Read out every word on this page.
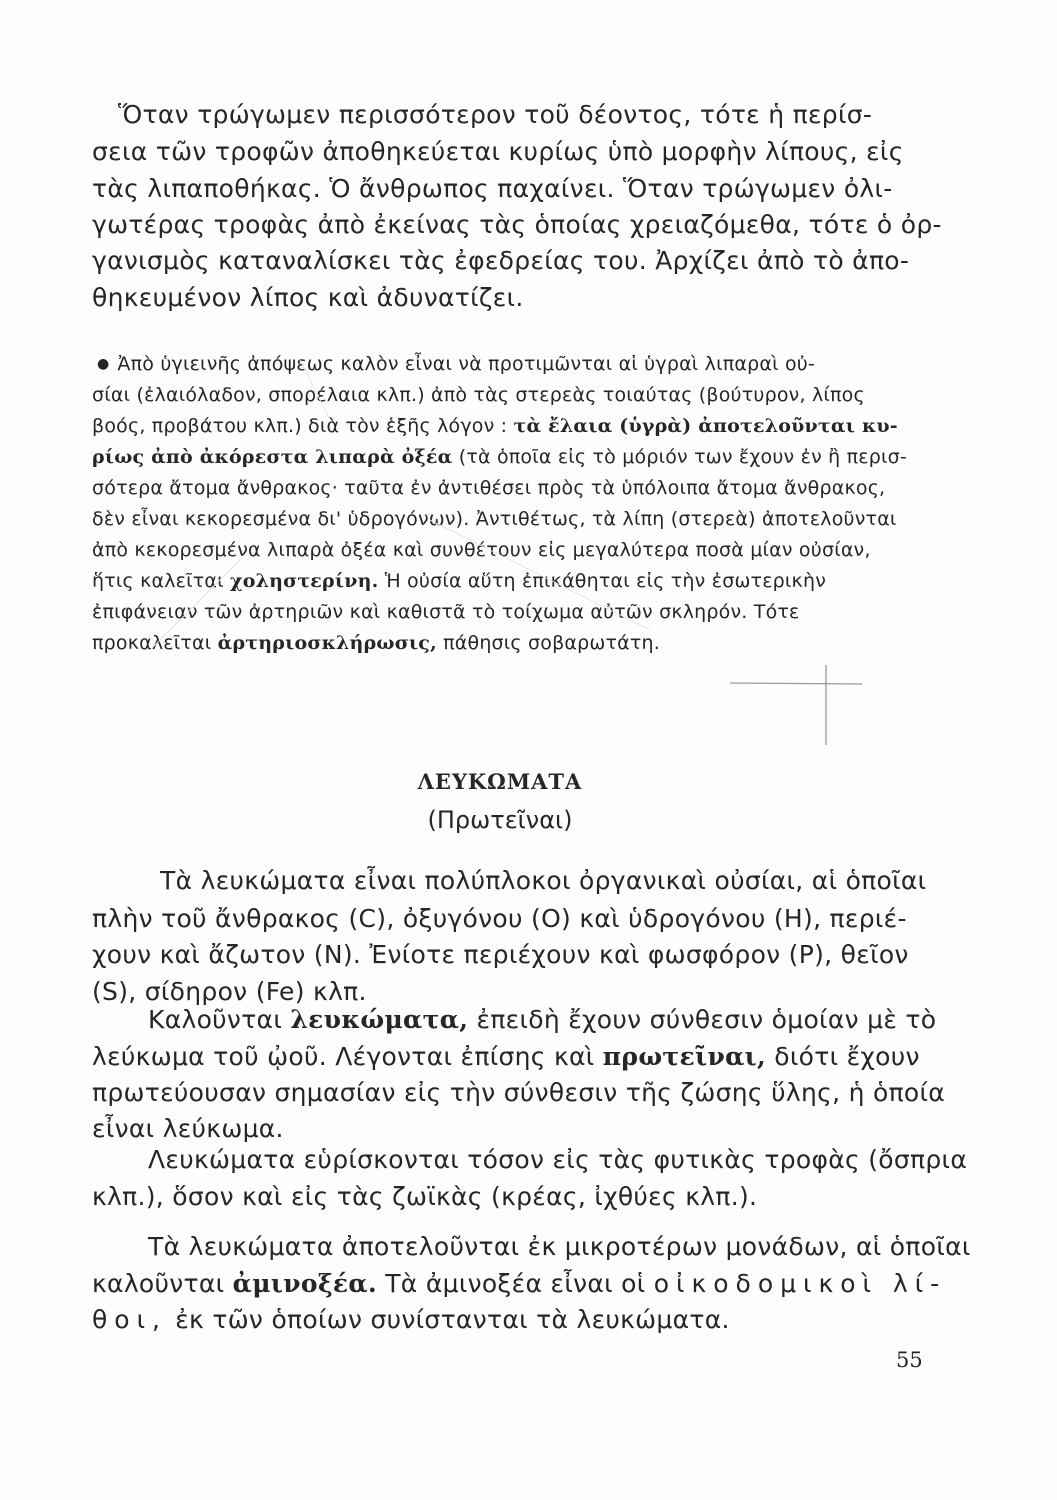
Ὅταν τρώγωμεν περισσότερον τοῦ δέοντος, τότε ἡ περίσ-
σεια τῶν τροφῶν ἀποθηκεύεται κυρίως ὑπὸ μορφὴν λίπους, εἰς
τὰς λιπαποθήκας. Ὁ ἄνθρωπος παχαίνει. Ὅταν τρώγωμεν ὀλι-
γωτέρας τροφὰς ἀπὸ ἐκείνας τὰς ὁποίας χρειαζόμεθα, τότε ὁ ὀρ-
γανισμὸς καταναλίσκει τὰς ἐφεδρείας του. Ἀρχίζει ἀπὸ τὸ ἀπο-
θηκευμένον λίπος καὶ ἀδυνατίζει.
● Ἀπὸ ὑγιεινῆς ἀπόψεως καλὸν εἶναι νὰ προτιμῶνται αἱ ὑγραὶ λιπαραὶ οὐ-
σίαι (ἐλαιόλαδον, σπορέλαια κλπ.) ἀπὸ τὰς στερεὰς τοιαύτας (βούτυρον, λίπος
βοός, προβάτου κλπ.) διὰ τὸν ἑξῆς λόγον : τὰ ἔλαια (ὑγρὰ) ἀποτελοῦνται κυ-
ρίως ἀπὸ ἀκόρεστα λιπαρὰ ὀξέα (τὰ ὁποῖα εἰς τὸ μόριόν των ἔχουν ἐν ἢ περισ-
σότερα ἄτομα ἄνθρακος· ταῦτα ἐν ἀντιθέσει πρὸς τὰ ὑπόλοιπα ἄτομα ἄνθρακος,
δὲν εἶναι κεκορεσμένα δι' ὑδρογόνων). Ἀντιθέτως, τὰ λίπη (στερεὰ) ἀποτελοῦνται
ἀπὸ κεκορεσμένα λιπαρὰ ὀξέα καὶ συνθέτουν εἰς μεγαλύτερα ποσὰ μίαν οὐσίαν,
ἥτις καλεῖται χοληστερίνη. Ἡ οὐσία αὕτη ἐπικάθηται εἰς τὴν ἐσωτερικὴν
ἐπιφάνειαν τῶν ἀρτηριῶν καὶ καθιστᾶ τὸ τοίχωμα αὐτῶν σκληρόν. Τότε
προκαλεῖται ἀρτηριοσκλήρωσις, πάθησις σοβαρωτάτη.
ΛΕΥΚΩΜΑΤΑ
(Πρωτεῖναι)
Τὰ λευκώματα εἶναι πολύπλοκοι ὀργανικαὶ οὐσίαι, αἱ ὁποῖαι
πλὴν τοῦ ἄνθρακος (C), ὀξυγόνου (O) καὶ ὑδρογόνου (H), περιέ-
χουν καὶ ἄζωτον (N). Ἐνίοτε περιέχουν καὶ φωσφόρον (P), θεῖον
(S), σίδηρον (Fe) κλπ.
Καλοῦνται λευκώματα, ἐπειδὴ ἔχουν σύνθεσιν ὁμοίαν μὲ τὸ
λεύκωμα τοῦ ᾠοῦ. Λέγονται ἐπίσης καὶ πρωτεῖναι, διότι ἔχουν
πρωτεύουσαν σημασίαν εἰς τὴν σύνθεσιν τῆς ζώσης ὕλης, ἡ ὁποία
εἶναι λεύκωμα.
Λευκώματα εὑρίσκονται τόσον εἰς τὰς φυτικὰς τροφὰς (ὄσπρια
κλπ.), ὅσον καὶ εἰς τὰς ζωϊκὰς (κρέας, ἰχθύες κλπ.).
Τὰ λευκώματα ἀποτελοῦνται ἐκ μικροτέρων μονάδων, αἱ ὁποῖαι
καλοῦνται ἀμινοξέα. Τὰ ἀμινοξέα εἶναι οἱ οἰκοδομικοὶ λί-
θοι, ἐκ τῶν ὁποίων συνίστανται τὰ λευκώματα.
55
